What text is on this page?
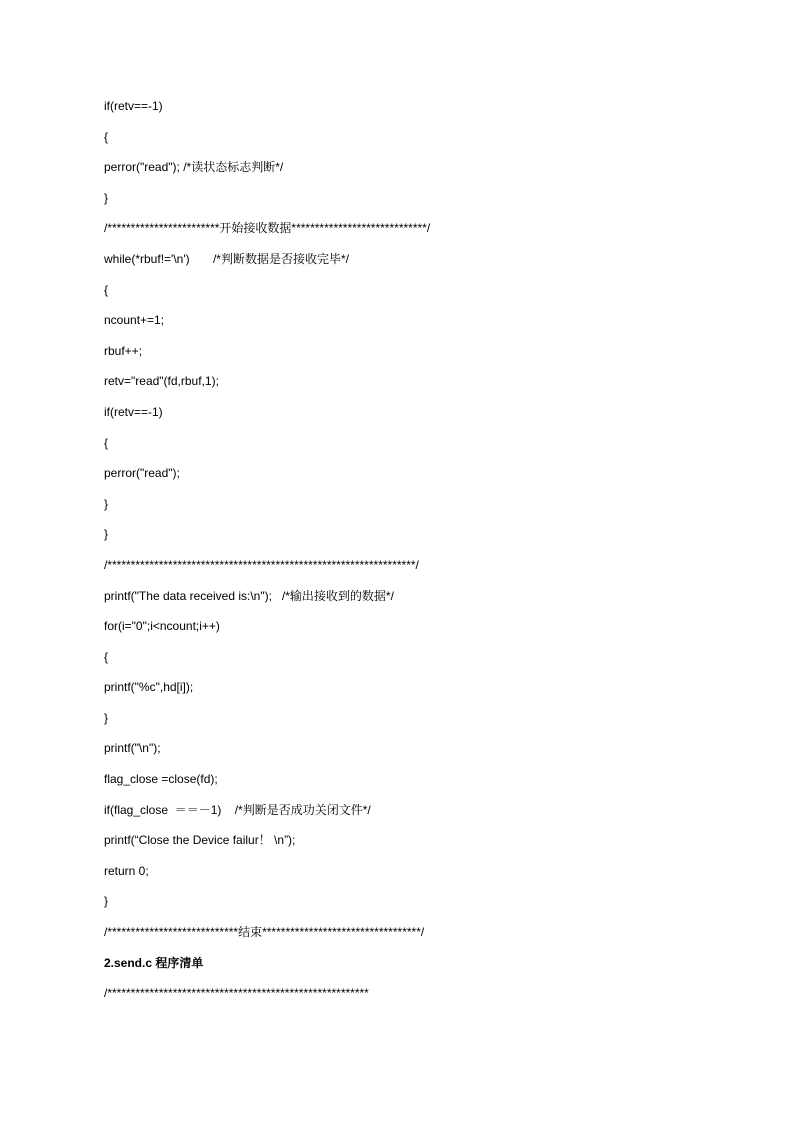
if(retv==-1)
{
perror("read"); /*读状态标志判断*/
}
/************************开始接收数据*****************************/
while(*rbuf!='\n')       /*判断数据是否接收完毕*/
{
ncount+=1;
rbuf++;
retv="read"(fd,rbuf,1);
if(retv==-1)
{
perror("read");
}
}
/******************************************************************/
printf("The data received is:\n");   /*输出接收到的数据*/
for(i="0";i<ncount;i++)
{
printf("%c",hd[i]);
}
printf("\n");
flag_close =close(fd);
if(flag_close  ＝＝－1)    /*判断是否成功关闭文件*/
printf(“Close the Device failur！ \n”);
return 0;
}
/****************************结束**********************************/
2.send.c 程序清单
/********************************************************
